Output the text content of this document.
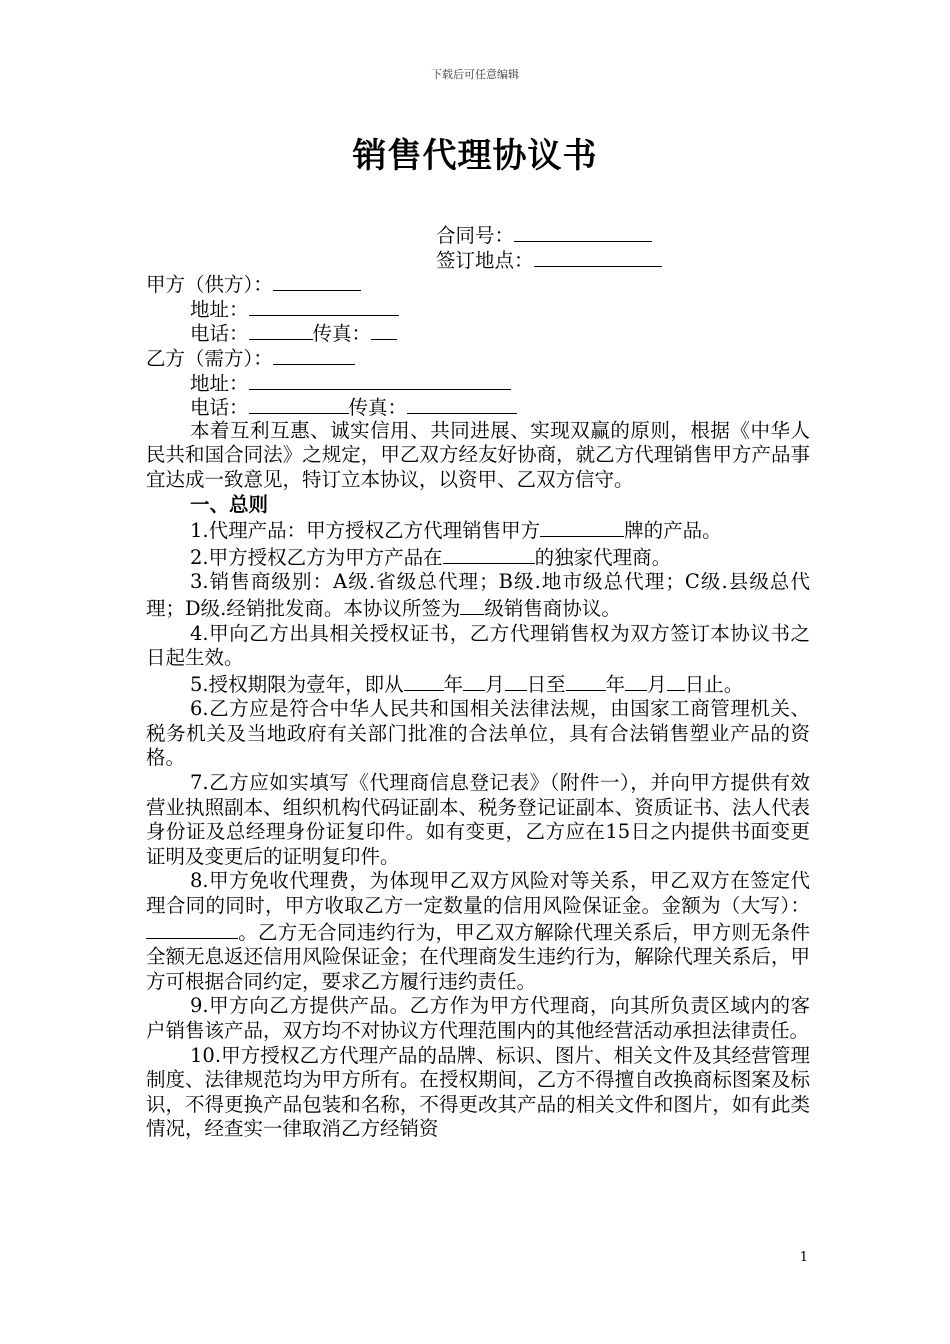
下载后可任意编辑
销售代理协议书
合同号：
签订地点：
甲方（供方）：
地址：
电话：	传真：
乙方（需方）：
地址：
电话：	传真：
本着互利互惠、诚实信用、共同进展、实现双赢的原则，根据《中华人民共和国合同法》之规定，甲乙双方经友好协商，就乙方代理销售甲方产品事宜达成一致意见，特订立本协议，以资甲、乙双方信守。
一、总则
1.代理产品：甲方授权乙方代理销售甲方	牌的产品。
2.甲方授权乙方为甲方产品在	的独家代理商。
3.销售商级别：A级.省级总代理；B级.地市级总代理；C级.县级总代理；D级.经销批发商。本协议所签为 级销售商协议。
4.甲向乙方出具相关授权证书，乙方代理销售权为双方签订本协议书之日起生效。
5.授权期限为壹年，即从 年 月 日至 年 月 日止。
6.乙方应是符合中华人民共和国相关法律法规，由国家工商管理机关、税务机关及当地政府有关部门批准的合法单位，具有合法销售塑业产品的资格。
7.乙方应如实填写《代理商信息登记表》（附件一），并向甲方提供有效营业执照副本、组织机构代码证副本、税务登记证副本、资质证书、法人代表身份证及总经理身份证复印件。如有变更，乙方应在15日之内提供书面变更证明及变更后的证明复印件。
8.甲方免收代理费，为体现甲乙双方风险对等关系，甲乙双方在签定代理合同的同时，甲方收取乙方一定数量的信用风险保证金。金额为（大写）：。乙方无合同违约行为，甲乙双方解除代理关系后，甲方则无条件全额无息返还信用风险保证金；在代理商发生违约行为，解除代理关系后，甲方可根据合同约定，要求乙方履行违约责任。
9.甲方向乙方提供产品。乙方作为甲方代理商，向其所负责区域内的客户销售该产品，双方均不对协议方代理范围内的其他经营活动承担法律责任。
10.甲方授权乙方代理产品的品牌、标识、图片、相关文件及其经营管理制度、法律规范均为甲方所有。在授权期间，乙方不得擅自改换商标图案及标识，不得更换产品包装和名称，不得更改其产品的相关文件和图片，如有此类情况，经查实一律取消乙方经销资
1
